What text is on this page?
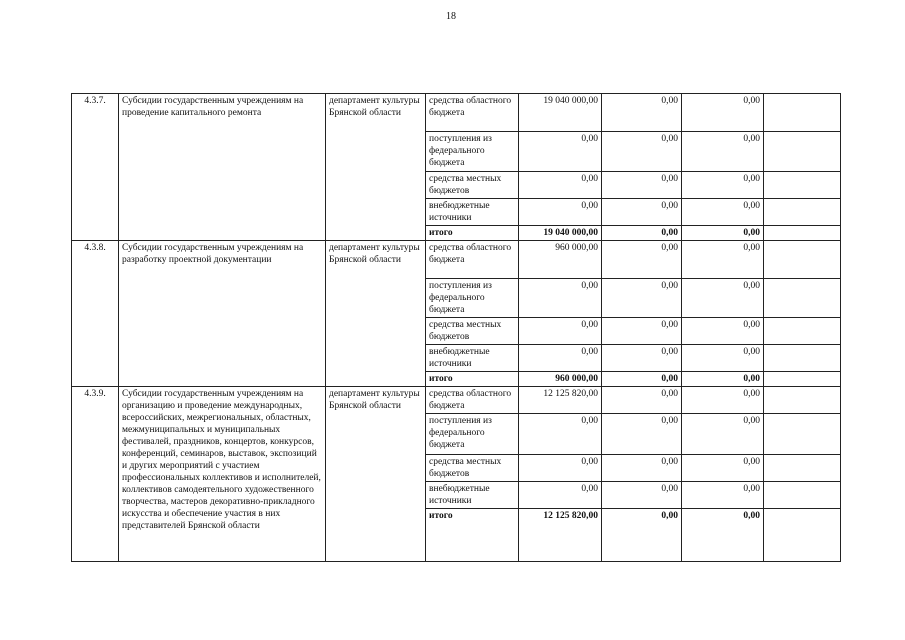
18
4.3.7.	Субсидии государственным учреждениям на проведение капитального ремонта	департамент культуры Брянской области	средства областного бюджета	19 040 000,00	0,00	0,00	
			поступления из федерального бюджета	0,00	0,00	0,00	
			средства местных бюджетов	0,00	0,00	0,00	
			внебюджетные источники	0,00	0,00	0,00	
			итого	19 040 000,00	0,00	0,00	
4.3.8.	Субсидии государственным учреждениям на разработку проектной документации	департамент культуры Брянской области	средства областного бюджета	960 000,00	0,00	0,00	
			поступления из федерального бюджета	0,00	0,00	0,00	
			средства местных бюджетов	0,00	0,00	0,00	
			внебюджетные источники	0,00	0,00	0,00	
			итого	960 000,00	0,00	0,00	
4.3.9.	Субсидии государственным учреждениям на организацию и проведение международных, всероссийских, межрегиональных, областных, межмуниципальных и муниципальных фестивалей, праздников, концертов, конкурсов, конференций, семинаров, выставок, экспозиций и других мероприятий с участием профессиональных коллективов и исполнителей, коллективов самодеятельного художественного творчества, мастеров декоративно-прикладного искусства и обеспечение участия в них представителей Брянской области	департамент культуры Брянской области	средства областного бюджета	12 125 820,00	0,00	0,00	
			поступления из федерального бюджета	0,00	0,00	0,00	
			средства местных бюджетов	0,00	0,00	0,00	
			внебюджетные источники	0,00	0,00	0,00	
			итого	12 125 820,00	0,00	0,00	
